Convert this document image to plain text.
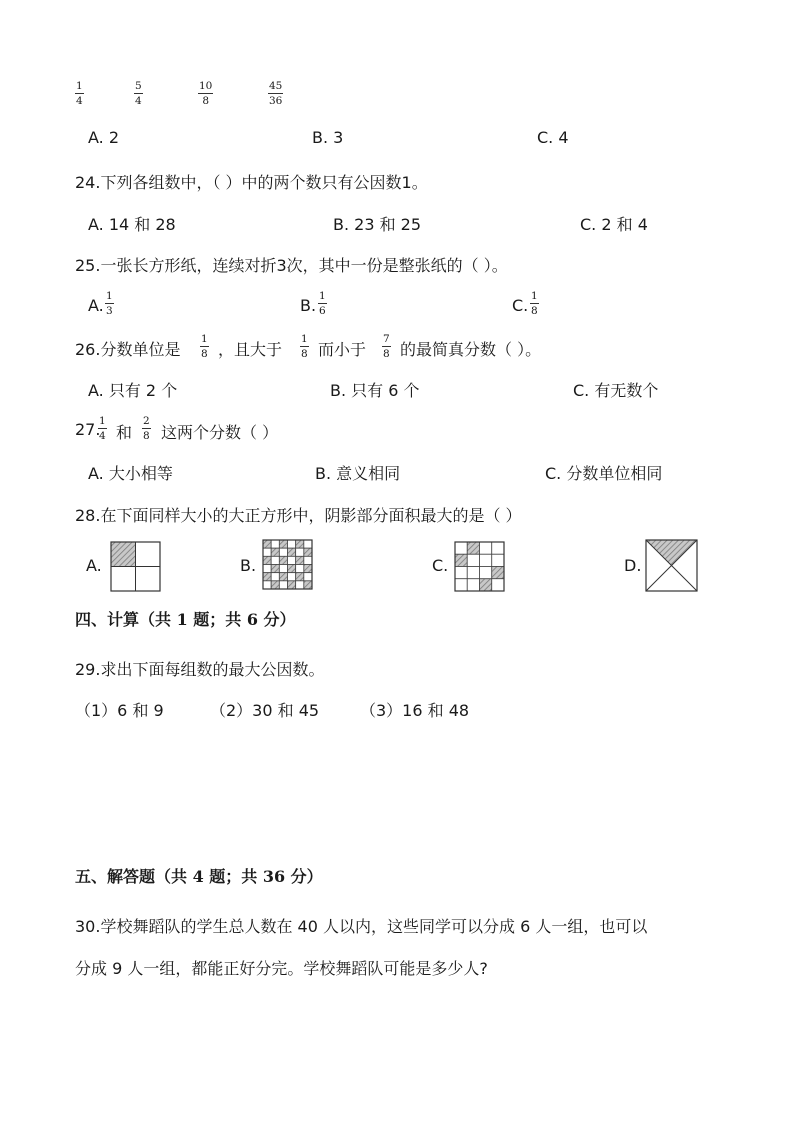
1
4
5
4
10
8
45
36
A. 2	B. 3	C. 4
24.下列各组数中，（ ）中的两个数只有公因数1。
A. 14 和 28	B. 23 和 25	C. 2 和 4
25.一张长方形纸，连续对折3次，其中一份是整张纸的（ ）。
A. 1
3	B. 1
6	C. 1
8
26.分数单位是
1
8 ，且大于
1
8 而小于
7
8 的最简真分数（ ）。
A. 只有 2 个	B. 只有 6 个	C. 有无数个
27.
1
4 和
2
8 这两个分数（ ）
A. 大小相等	B. 意义相同	C. 分数单位相同
28.在下面同样大小的大正方形中，阴影部分面积最大的是（ ）
A.	B.	C.	D.
四、计算（共 1 题；共 6 分）
29.求出下面每组数的最大公因数。
（1）6 和 9	（2）30 和 45	（3）16 和 48
五、解答题（共 4 题；共 36 分）
30.学校舞蹈队的学生总人数在 40 人以内，这些同学可以分成 6 人一组，也可以
分成 9 人一组，都能正好分完。学校舞蹈队可能是多少人?
